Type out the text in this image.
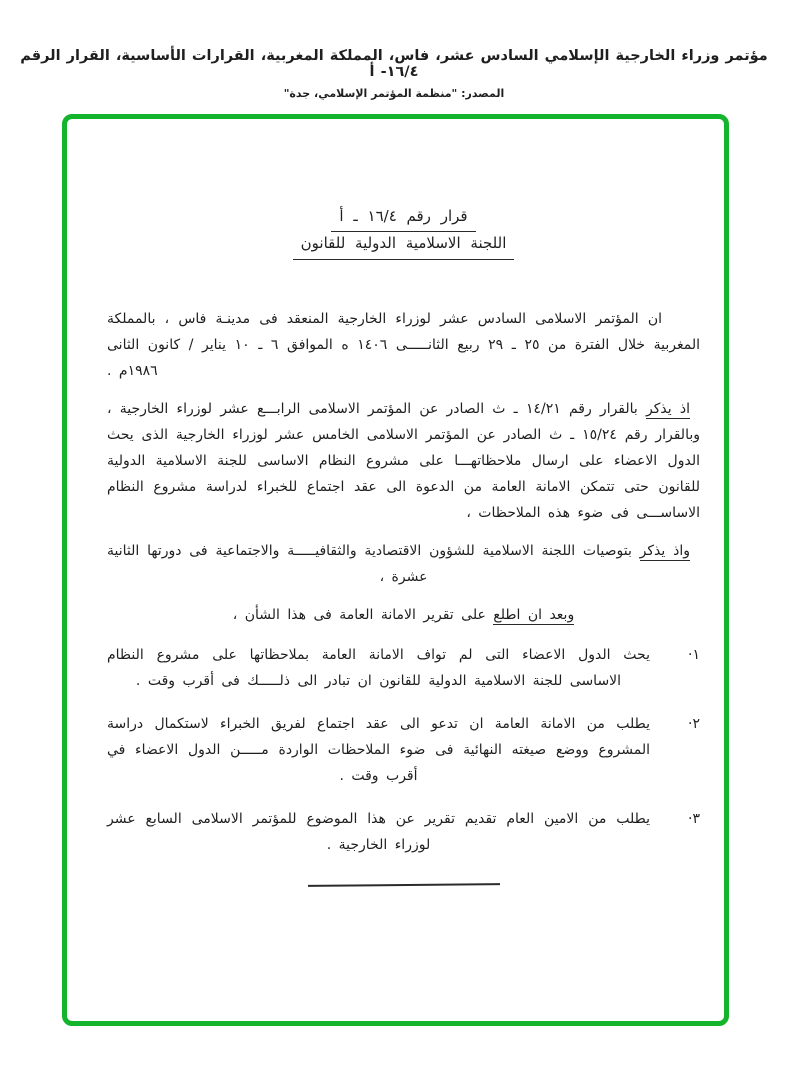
مؤتمر وزراء الخارجية الإسلامي السادس عشر، فاس، المملكة المغربية، القرارات الأساسية، القرار الرقم ١٦/٤- أ
المصدر: "منظمة المؤتمر الإسلامي، جدة"
قرار رقم ١٦/٤ ـ أ
اللجنة الاسلامية الدولية للقانون

ان المؤتمر الاسلامى السادس عشر لوزراء الخارجية المنعقد فى مدينـة فاس ، بالمملكة المغربية خلال الفترة من ٢٥ ـ ٢٩ ربيع الثانـــــى ١٤٠٦ ه الموافق ٦ ـ ١٠ يناير / كانون الثانى ١٩٨٦م .

اذ يذكر بالقرار رقم ١٤/٢١ ـ ث الصادر عن المؤتمر الاسلامى الرابـــع عشر لوزراء الخارجية ، وبالقرار رقم ١٥/٢٤ ـ ث الصادر عن المؤتمر الاسلامى الخامس عشر لوزراء الخارجية الذى يحث الدول الاعضاء على ارسال ملاحظاتهـــا على مشروع النظام الاساسى للجنة الاسلامية الدولية للقانون حتى تتمكن الامانة العامة من الدعوة الى عقد اجتماع للخبراء لدراسة مشروع النظام الاساســـى فى ضوء هذه الملاحظات ،

واذ يذكر بتوصيات اللجنة الاسلامية للشؤون الاقتصادية والثقافيـــــة والاجتماعية فى دورتها الثانية عشرة ،

وبعد ان اطلع على تقرير الامانة العامة فى هذا الشأن ،

١·
يحث الدول الاعضاء التى لم تواف الامانة العامة بملاحظاتها على مشروع النظام الاساسى للجنة الاسلامية الدولية للقانون ان تبادر الى ذلـــــك فى أقرب وقت .
٢·
يطلب من الامانة العامة ان تدعو الى عقد اجتماع لفريق الخبراء لاستكمال دراسة المشروع ووضع صيغته النهائية فى ضوء الملاحظات الواردة مـــــن الدول الاعضاء في أقرب وقت .
٣·
يطلب من الامين العام تقديم تقرير عن هذا الموضوع للمؤتمر الاسلامى السابع عشر لوزراء الخارجية .
